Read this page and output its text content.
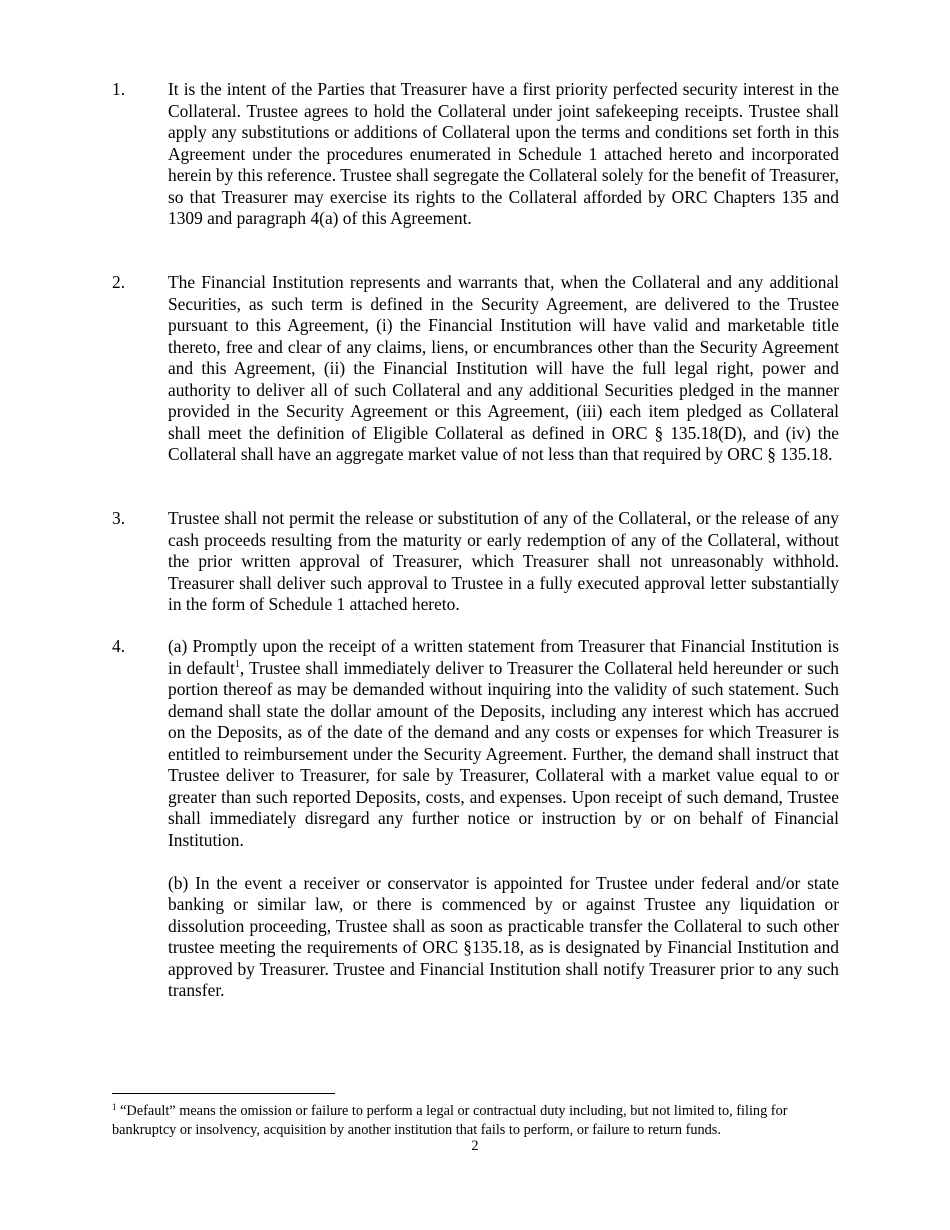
1. It is the intent of the Parties that Treasurer have a first priority perfected security interest in the Collateral. Trustee agrees to hold the Collateral under joint safekeeping receipts. Trustee shall apply any substitutions or additions of Collateral upon the terms and conditions set forth in this Agreement under the procedures enumerated in Schedule 1 attached hereto and incorporated herein by this reference. Trustee shall segregate the Collateral solely for the benefit of Treasurer, so that Treasurer may exercise its rights to the Collateral afforded by ORC Chapters 135 and 1309 and paragraph 4(a) of this Agreement.

2. The Financial Institution represents and warrants that, when the Collateral and any additional Securities, as such term is defined in the Security Agreement, are delivered to the Trustee pursuant to this Agreement, (i) the Financial Institution will have valid and marketable title thereto, free and clear of any claims, liens, or encumbrances other than the Security Agreement and this Agreement, (ii) the Financial Institution will have the full legal right, power and authority to deliver all of such Collateral and any additional Securities pledged in the manner provided in the Security Agreement or this Agreement, (iii) each item pledged as Collateral shall meet the definition of Eligible Collateral as defined in ORC § 135.18(D), and (iv) the Collateral shall have an aggregate market value of not less than that required by ORC § 135.18.

3. Trustee shall not permit the release or substitution of any of the Collateral, or the release of any cash proceeds resulting from the maturity or early redemption of any of the Collateral, without the prior written approval of Treasurer, which Treasurer shall not unreasonably withhold. Treasurer shall deliver such approval to Trustee in a fully executed approval letter substantially in the form of Schedule 1 attached hereto.

4. (a) Promptly upon the receipt of a written statement from Treasurer that Financial Institution is in default$^1$, Trustee shall immediately deliver to Treasurer the Collateral held hereunder or such portion thereof as may be demanded without inquiring into the validity of such statement. Such demand shall state the dollar amount of the Deposits, including any interest which has accrued on the Deposits, as of the date of the demand and any costs or expenses for which Treasurer is entitled to reimbursement under the Security Agreement. Further, the demand shall instruct that Trustee deliver to Treasurer, for sale by Treasurer, Collateral with a market value equal to or greater than such reported Deposits, costs, and expenses. Upon receipt of such demand, Trustee shall immediately disregard any further notice or instruction by or on behalf of Financial Institution.

(b) In the event a receiver or conservator is appointed for Trustee under federal and/or state banking or similar law, or there is commenced by or against Trustee any liquidation or dissolution proceeding, Trustee shall as soon as practicable transfer the Collateral to such other trustee meeting the requirements of ORC §135.18, as is designated by Financial Institution and approved by Treasurer. Trustee and Financial Institution shall notify Treasurer prior to any such transfer.

$^1$ “Default” means the omission or failure to perform a legal or contractual duty including, but not limited to, filing for bankruptcy or insolvency, acquisition by another institution that fails to perform, or failure to return funds.

2
